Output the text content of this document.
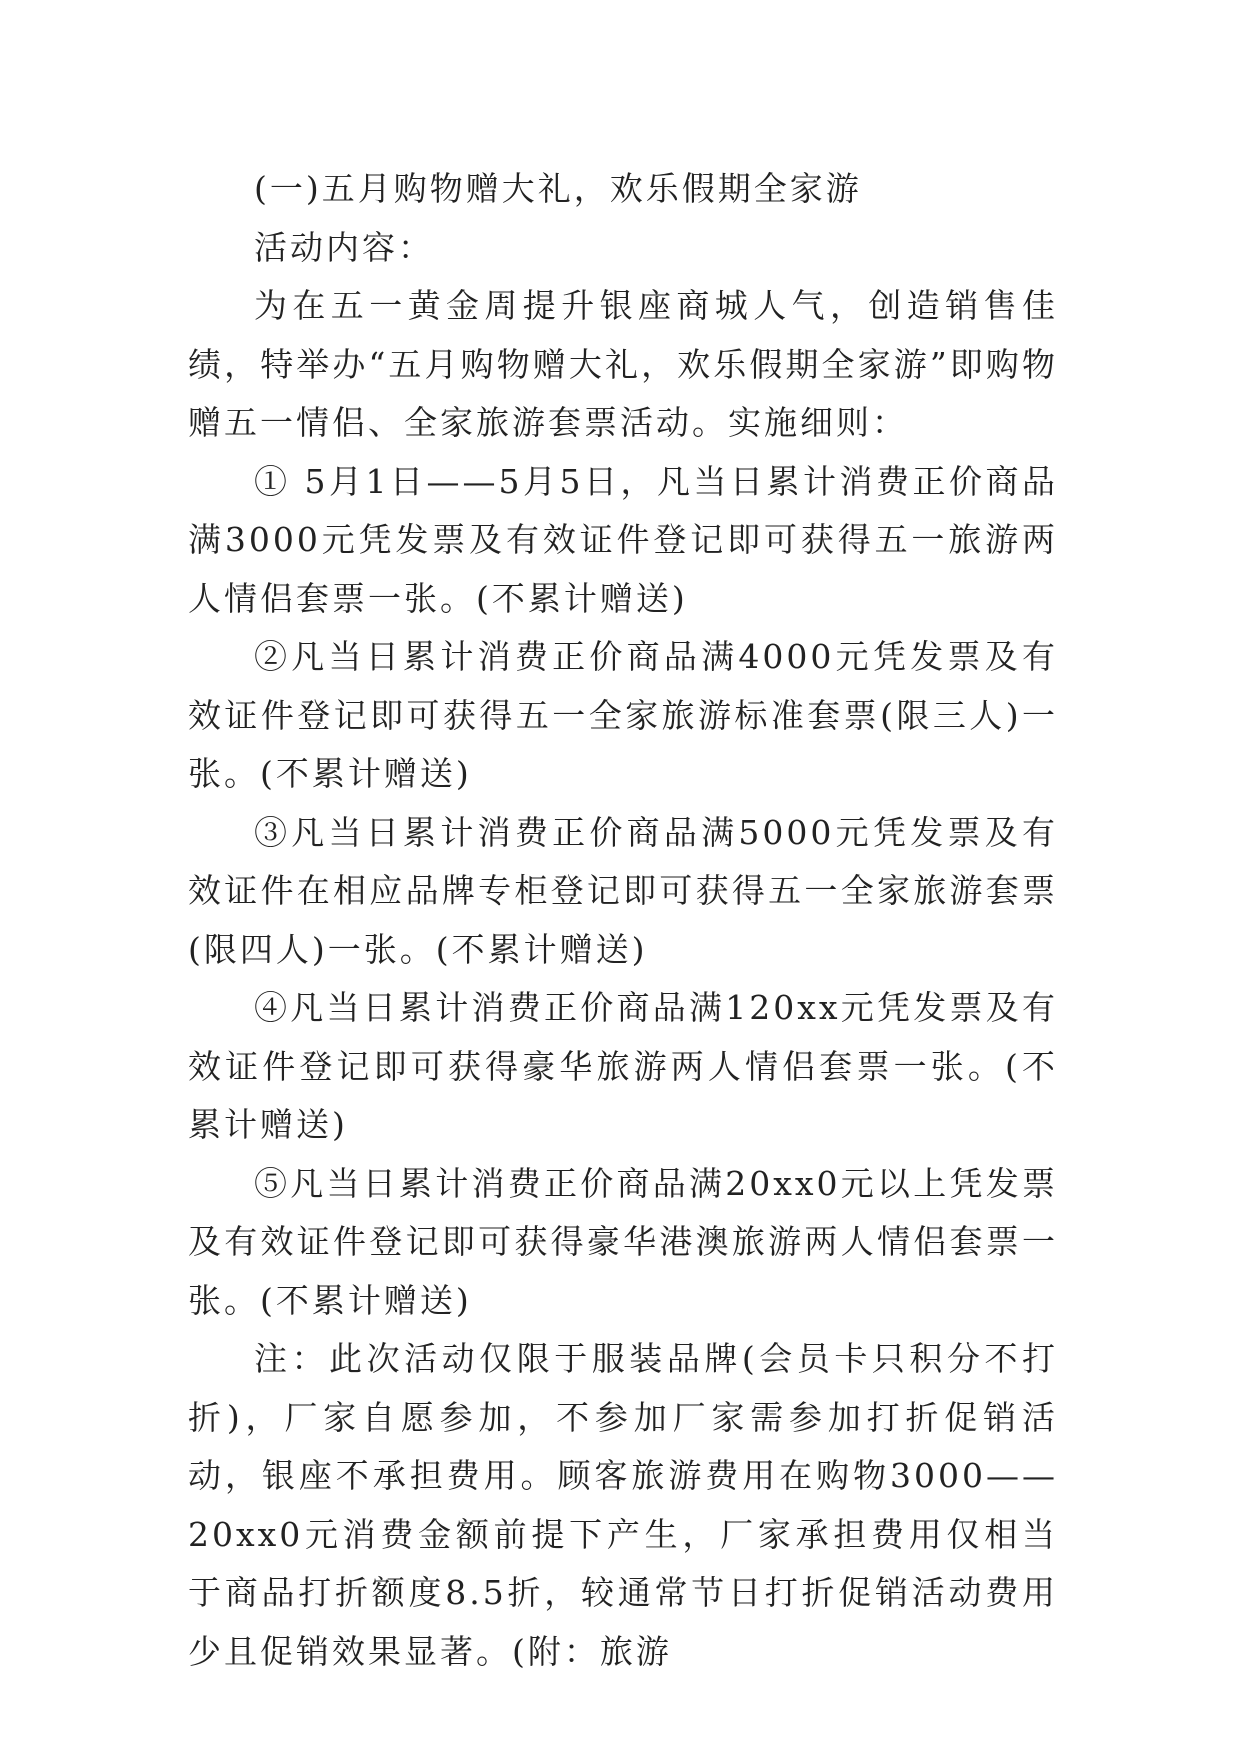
(一)五月购物赠大礼，欢乐假期全家游

活动内容：

为在五一黄金周提升银座商城人气，创造销售佳绩，特举办“五月购物赠大礼，欢乐假期全家游”即购物赠五一情侣、全家旅游套票活动。实施细则：

① 5月1日——5月5日，凡当日累计消费正价商品满3000元凭发票及有效证件登记即可获得五一旅游两人情侣套票一张。(不累计赠送)

②凡当日累计消费正价商品满4000元凭发票及有效证件登记即可获得五一全家旅游标准套票(限三人)一张。(不累计赠送)

③凡当日累计消费正价商品满5000元凭发票及有效证件在相应品牌专柜登记即可获得五一全家旅游套票(限四人)一张。(不累计赠送)

④凡当日累计消费正价商品满120xx元凭发票及有效证件登记即可获得豪华旅游两人情侣套票一张。(不累计赠送)

⑤凡当日累计消费正价商品满20xx0元以上凭发票及有效证件登记即可获得豪华港澳旅游两人情侣套票一张。(不累计赠送)

注：此次活动仅限于服装品牌(会员卡只积分不打折)，厂家自愿参加，不参加厂家需参加打折促销活动，银座不承担费用。顾客旅游费用在购物3000——20xx0元消费金额前提下产生，厂家承担费用仅相当于商品打折额度8.5折，较通常节日打折促销活动费用少且促销效果显著。(附：旅游
